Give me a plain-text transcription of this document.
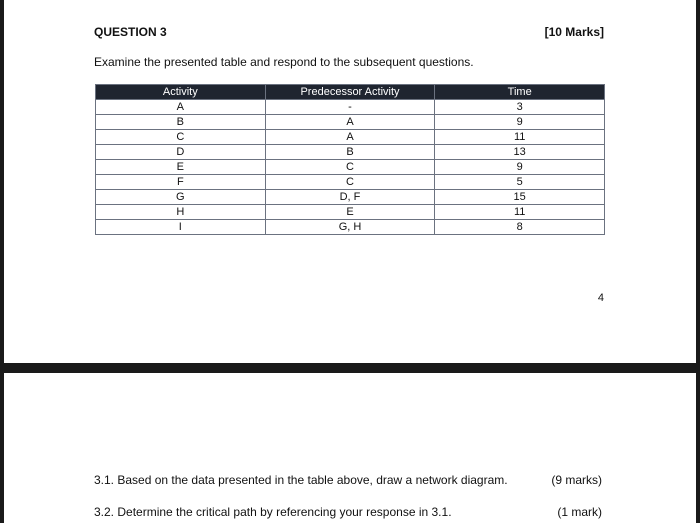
QUESTION 3	[10 Marks]
Examine the presented table and respond to the subsequent questions.
Activity	Predecessor Activity	Time
A	-	3
B	A	9
C	A	11
D	B	13
E	C	9
F	C	5
G	D, F	15
H	E	11
I	G, H	8
4
3.1. Based on the data presented in the table above, draw a network diagram.	(9 marks)
3.2. Determine the critical path by referencing your response in 3.1.	(1 mark)
